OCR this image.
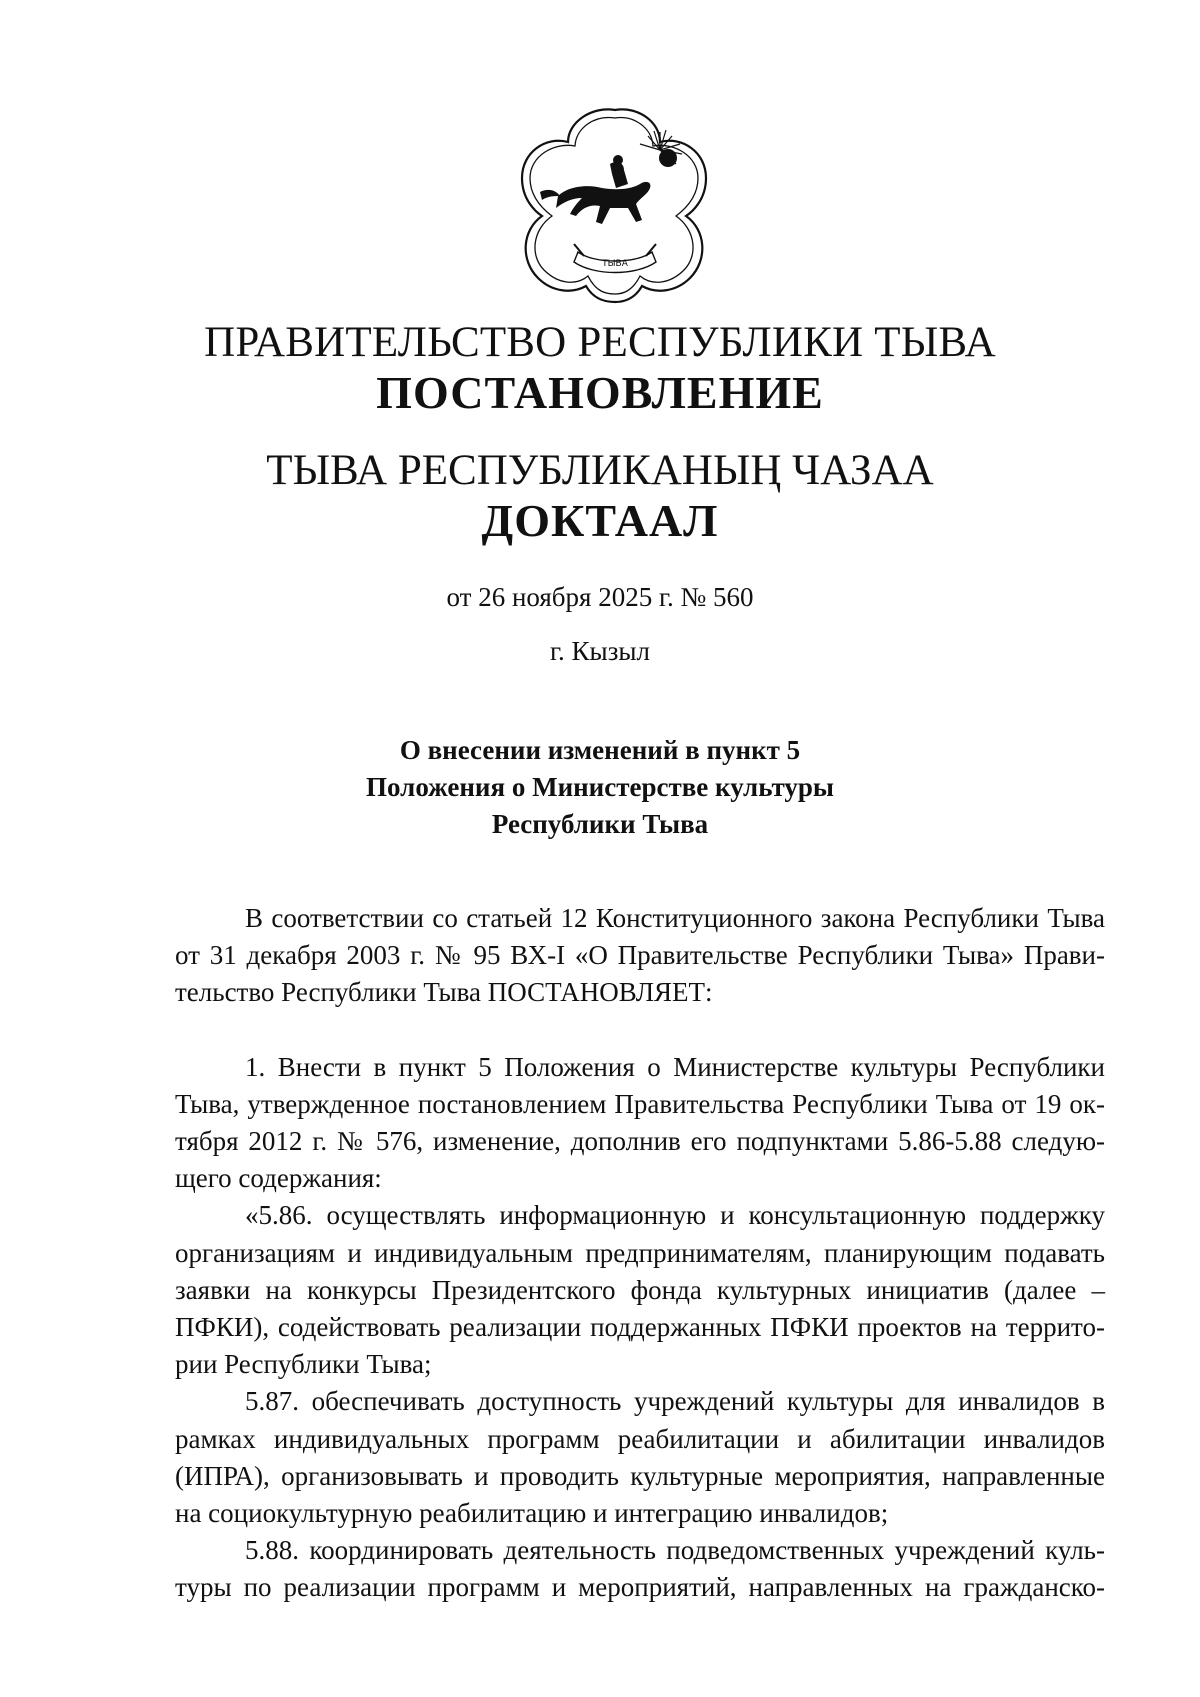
ТЫВА
ПРАВИТЕЛЬСТВО РЕСПУБЛИКИ ТЫВА
ПОСТАНОВЛЕНИЕ
ТЫВА РЕСПУБЛИКАНЫҢ ЧАЗАА
ДОКТААЛ
от 26 ноября 2025 г. № 560
г. Кызыл
О внесении изменений в пункт 5
Положения о Министерстве культуры
Республики Тыва
В соответствии со статьей 12 Конституционного закона Республики Тыва
от 31 декабря 2003 г. № 95 ВХ-I «О Правительстве Республики Тыва» Прави-
тельство Республики Тыва ПОСТАНОВЛЯЕТ:
1. Внести в пункт 5 Положения о Министерстве культуры Республики
Тыва, утвержденное постановлением Правительства Республики Тыва от 19 ок-
тября 2012 г. № 576, изменение, дополнив его подпунктами 5.86-5.88 следую-
щего содержания:
«5.86. осуществлять информационную и консультационную поддержку
организациям и индивидуальным предпринимателям, планирующим подавать
заявки на конкурсы Президентского фонда культурных инициатив (далее –
ПФКИ), содействовать реализации поддержанных ПФКИ проектов на террито-
рии Республики Тыва;
5.87. обеспечивать доступность учреждений культуры для инвалидов в
рамках индивидуальных программ реабилитации и абилитации инвалидов
(ИПРА), организовывать и проводить культурные мероприятия, направленные
на социокультурную реабилитацию и интеграцию инвалидов;
5.88. координировать деятельность подведомственных учреждений куль-
туры по реализации программ и мероприятий, направленных на гражданско-
